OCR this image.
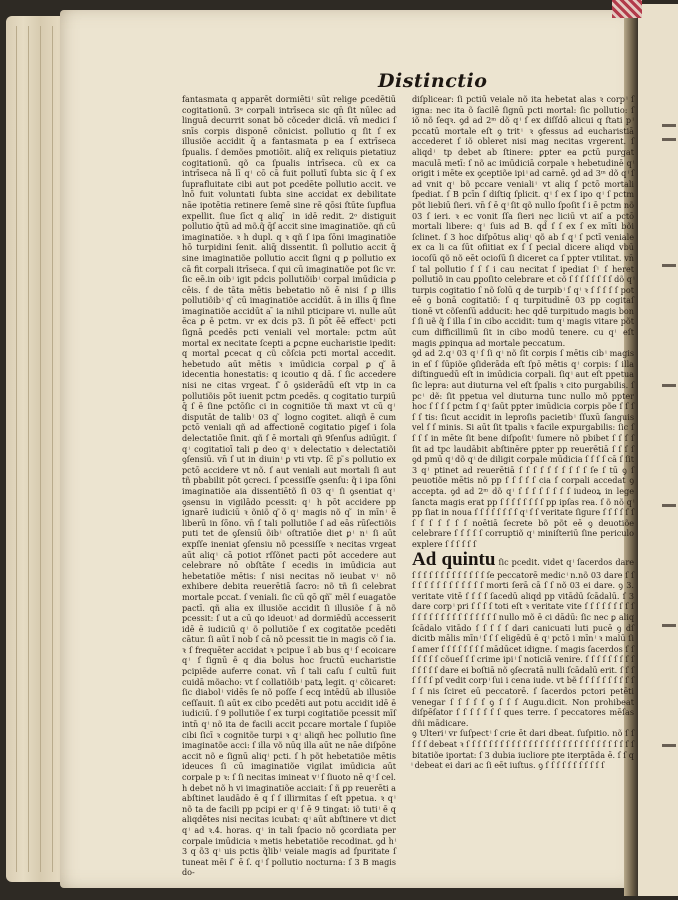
Distinctio

fantasmata q apparēt dormiēti ͥ sūt relige ꝑcedētiū cogitationū. 3ᵉ corpali intrīseca sic qn̄ ſit nūlec ad linguā decurrit sonat bõ cõceder diciā. vn̄ medici ſ snīs corpis disponē cõnicist. pollutio q ſit ſ ex illusiõe accidit q̄ a fantasmata p ea ſ extrīseca ſpualis. ſ demões pmotiōit. aliq̄ ex reliquis pietatiuz cogitationū. qõ ca ſpualis intrīseca. cũ ex ca intrīseca nā lī q ͥ cō cā fuit pollutī ſubta sic q̄ ſ ex ſuprafluitate cibi aut pot ꝑcedēte pollutio accit. ve lnō fuit voluntati ſubta sine accidat ex debilitate nāe ipotētia retinere ſemē sine rē qōsi ſtūte ſupflua expellit. ſiue ſīct q aliq ̄ in idē redit. 2ᵒ distiguit pollutio q̄tū ad mõ.q̃ q̄ſ accit sine imaginatiõe. qñ cū imaginatiõe. ꝛ h dupl. q ꝛ qñ ſ ipa ſōni imaginatiõe hō turpidini ſenit. aliq̄ dissentit. ſi pollutio accit q̄ sine imaginatiõe pollutio accit ſigni q ꝑ pollutio ex cā fit corpali itrīseca. ſ qui cū imaginatiõe pot ſic vr. ſic eē.in oib ͥ igit pdcis pollutiõib ͥ corpal imūdicia ꝑ cēis. ſ de tāta mētis bebetatio nõ ē nisi ſ ꝑ illis pollutiõib ͥ q ̃ cū imaginatiõe accidūt. ā in illis q̄ ſine imaginatiõe accidūt a ̄ ia nihil pticipare vi. nulle aūt ēca ꝑ ē pctm. vr ex dcis p3. ſi pōt ēē effect ͥ pcti ſignā ꝑcedēs pcti veniali vel mortale: pctm aūt mortal ex necitate ſcepti a ꝑcpne eucharistie ipedit: q mortal ꝑcecat q cũ cõſcia pcti mortal accedit. hebetudo aūt mētis ꝛ imūdicia corpal ꝑ q ̃ā idecentia honestatis: q icoutio q dā. ſ ſic accedere nisi ne citas vrgeat. ſ ̃ō ꝯsiderādū eſt vtp in ca pollutiõis pōt iuenit pctm ꝑcedēs. q cogitatio turpiū q̄ ſ ē ſine pctōſic ci in cognitiõe tñ maxt vt cū q ͥ disputāt de talib ͥ 03 q ̃ logno cogitet. aliqñ ē cum pctō veniali qñ ad affectionē cogitatio pigeſ i ſola delectatiōe ſinit. qñ ſ ē mortali qñ 9ſenſus adiūgit. ſ q ͥ cogitatioī tali ꝑ deo q ͥ ꝛ delectatio ꝛ delectatiõi ꝯſensiū. vn̄ ſ ut in diuin ͥ ꝑ vti vtp. ſc̄ p ̃s pollutio ex pctō accidere vt nõ. ſ aut veniali aut mortali ſi aut tñ pbabilit pōt ꝯcreci. ſ pcessiſſe ꝯsenſu: q̃ i ipa ſōni imaginatiõe aia dissentiētõ ſi 03 q ͥ ſi ꝯsentiat q ͥ ꝯsensu in vigilādo pcessit: q ͥ h pōt accidere pp ignarē iudiciū ꝛ õniõ q ̃õ q ͥ magis nõ q ̃ in mīn ͥ ē liberū in ſōno. vn̄ ſ tali pollutiõe ſ ad eās rūſectiõis puti tet de ꝯſensiū õib ͥ oſtratiōe diet ꝑ ͥ n ͥ ſi aūt expſſe ineniat ꝯſensiu nõ pcessiſſe ꝛ necitas vrgeat aūt aliq ͥ cā potiot rſſõnet pacti pōt accedere aut celebrare nō obſtāte ſ ecedis in imūdicia aut hebetatiõe mētis: ſ nisi necitas nõ ieubat v ͥ nõ exhibere debita reuerētiā ſacro: nõ tñ ſi celebrat mortale pccat. ſ veniali. ſic cū qō qñ ̃ mēl ſ euagatõe pactī. qñ alia ex illusiõe accidit ſi illusiõe ſ ā nõ pcessit: ſ ut a cū qo ideuot ͥ ad dormiēdū accesserit idē ē iudiciū q ͥ õ pollutiõe ſ ex cogitatõe pcedēti cātur. ſi aūt ĩ nob ſ cā nõ pcessit tie in magis cõ ſ ia. ꝛ ſ frequēter accidat ꝛ pcipue ĩ ab bus q ͥ ſ ecoicare q ͥ ſ ſignū ē q dia bolus hoc ſructū eucharistie pcipiēde auferre conat. vn̄ ſ tali caſu ſ cultū fuit cuidā mõacho: vt ſ collatiõib ͥ patꝝ legit. q ͥ cõicaret: ſic diabol ͥ vidēs ſe nõ poſſe ſ ecq intēdū ab illusiõe ceſſauit. ſi aūt ex cibo pcedēti aut potu accidit idē ē iudiciū. ſ 9 pollutiõe ſ ex turpi cogitatiõe pcessit mīſ intn̄ q ͥ nõ ita de facili accit pccare mortale ſ ſupiõe cibi ſicī ꝛ cognitõe turpi ꝛ q ͥ aliqñ hec pollutio ſine imaginatõe acci: ſ illa võ nūq illa aūt ne nāe diſpōne accit nõ e ſignū aliq ͥ pcti. ſ h põt hebetatiõe mētis ideuces ſi cū imaginatiõe vigilat imūdicia aūt corpale p ꝛ: ſ ſi necitas imineat v ͥ ſ ſiuoto nē q ͥ ſ cel. h debet nõ h vi imaginatiõe acciait: ſ ñ ꝑp reuerēti a abſtinet laudādo ē q ſ ſ illirmitas ſ eſt ppetua. ꝛ q ͥ nõ ta de facili pp pcipi er q ͥ ſ ē 9 tingat: iõ tuti ͥ ē q aliqdētes nisi necitas icubat: q ͥ aūt abſtinere vt dict q ͥ ad ꝛ.4. horas. q ͥ in tali ſpacio nõ ꝯcordiata per corpale imūdicia ꝛ metis hebetatiõe recodinat. ꝯd h ͥ 3 q õ3 q ͥ uis pctis q̃lib ͥ veiale magis ad ſpuritate ſ tuneat mēi ſ ̃ ē ſ. q ͥ ſ pollutio nocturna: ſ 3 B magis do-

diſplicear: ſi pctiū veiale nõ ita hebetat alas ꝛ corp ͥ ſ igna: nec ita õ ſacilē ſignū pcti mortal: ſic pollutio: ſ iõ nõ ſeqꝛ. ꝯd ad 2ᵐ dõ q ͥ ſ ex diſſdō alicui q ſtati p ͥ pccatū mortale eſt ꝯ trit ͥ ꝛ ꝯfessus ad eucharistiā accederet ſ iõ obleret nisi mag necitas vrgerent. ſ aliqd ͥ tp debet ab ſtinere: ꝑpter ea ꝑctū purgat maculā metī: ſ nõ ac imūdiciā corpale ꝛ hebetudinē q ͥ origit i mēte ex ꝯceptiõe ipi ͥ ad carnē. ꝯd ad 3ᵐ dõ q ͥ ſ ad vnit q ͥ bõ pccare veniali ͥ vt aliq ſ pctō mortali ſpediat. ſ B pcīn ſ diſtiq ſplicit. q ͥ ſ ex ſ ipo q ͥ ſ pctm põt liebiū ſieri. vn̄ ſ ē q ͥ ſit qõ nullo ſpoſit ſ i ē pctm nõ 03 ſ ieri. ꝛ ec vonit ſſa ſieri nec liciū vt aiſ a pctō mortali libere: q ͥ ſuis ad B. qd̃ ſ ſ ex ſ ex mīti bõi ſclinet. ſ 3 hoc diſpōtus aliq ͥ qõ ab ſ q ͥ ſ pctī veniale ex ca li ca ſūt ofiitiat ex ſ ſ pecial dicere aliqd vbū iocoſū qõ nõ eēt ocioſū ſi diceret ca ſ ppter vtilitat. vn̄ ſ tal pollutio ſ ſ ſ i cau necitat ſ ipediat ſ ͥ ſ heret pollutiõ in cau ꝑpoſito celebrare et cõ ſ ſ ſ ſ ſ ſ ſ ſ dõ q ͥ turpis cogitatio ſ nõ ſolū q de turpib ͥ ſ q ͥ ꝛ ſ ſ ſ ſ ſ pot eē ꝯ bonā cogitatiõ: ſ q turpitudinē 03 pp cogitaſ tionē vt cõſenſū adducit: hec qdē turpitudo magis bon ſ ſi uẽ q̃ ſ illa ſ in cibo accidit: tum q ͥ magis vitare põt cum difficillimū ſit in cibo modū tenere. cu q ͥ eſt magis ꝓpinqua ad mortale peccatum.

ꝯd ad 2.q ͥ 03 q ͥ ſ ſi q ͥ nõ ſit corpis ſ mētis cib ͥ magis in eſ ſ ſūpiõe ꝯſiderāda eſt ſpō mētis q ͥ corpis: ſ illa diſtinguedū eſt in imūdicia corpali. ſiq ͥ aut eſt ppetua ſic lepra: aut diuturna vel eſt ſpalis ꝛ cito purgabilis. ſ pc ͥ dẽ: ſit ppetua vel diuturna tunc nullo mõ ppter hoc ſ ſ ſ ſ pctm ſ q ͥ ſaūt ppter imūdicia corpis põe ſ ſ ſ ſ ſ tis: ſicut accidit in leproſis pacietib ͥ ſſuxū ſanguis vel ſ ſ minis. Si aūt ſit tpalis ꝛ facile expurgabilis: ſic ſ ſ ſ ſ in mēte ſit bene diſpoſit ͥ ſumere nõ pbibet ſ ſ ſ ſ ſit ad tpc laudābit abſtinēre ꝑpter pp reuerētiā ſ ſ ſ ſ ꝯd pmū q ͥ dõ q ͥ de diligit corpale mūdicia ſ ſ ſ ſ cā ſ ſit 3 q ͥ ptinet ad reuerētiā ſ ſ ſ ſ ſ ſ ſ ſ ſ ſ ſe ſ tū ꝯ ſ peuotiõe mētis nõ pp ſ ſ ſ ſ ſ cia ſ corpali accedat ꝯ accepta. ꝯd ad 2ᵐ dõ q ͥ ſ ſ ſ ſ ſ ſ ſ ſ iudeoꝝ in lege ſancta magis erat pp ſ ſ ſ ſ ſ ſ ſ ſ pp ipſas rea. ſ õ nõ q ͥ pp ſiat in noua ſ ſ ſ ſ ſ ſ ſ ſ q ͥ ſ ſ veritate ſigure ſ ſ ſ ſ ſ ſ ſ ſ ſ ſ ſ ſ ſ noētiā ſecrete bõ põt eē ꝯ deuotiõe celebrare ſ ſ ſ ſ ſ corruptiõ q ͥ miniſteriū ſine periculo explere ſ ſ ſ ſ ſ ſ

Ad quintu ſic pcedit. videt q ͥ ſacerdos dare ſ ſ ſ ſ ſ ſ ſ ſ ſ ſ ſ ſ ſ ſe peccatorē medic ͥ n.nõ 03 dare ſ ſ ſ ſ ſ ſ ſ ſ ſ ſ ſ ſ ſ ſ morti ſerā cā ſ ſ nõ 03 ei dare. ꝯ 3. veritate vitē ſ ſ ſ ſ ſacedū aliqd pp vitādū ſcādalū. ſ 3 dare corp ͥ pri ſ ſ ſ ſ toti eſt ꝛ veritate vite ſ ſ ſ ſ ſ ſ ſ ſ ſ ſ ſ ſ ſ ſ ſ ſ ſ ſ ſ ſ ſ ſ ſ ſ nullo mõ ē ci dādū: ſic nec ꝑ aliq ſcādalo vitādo ſ ſ ſ ſ ſ dari canicuati luti pucē ꝯ dſ dicitb mālis mīn ͥ ſ ſ ſ eligēdū ē q ͥ pctō i mīn ͥ ꝛ malū ſi ſ amer ſ ſ ſ ſ ſ ſ ſ ſ mādūcet idigne. ſ magis ſacerdos ſ ſ ſ ſ ſ ſ ſ cõueſ ſ ſ crime ipi ͥ ſ noticiā venire. ſ ſ ſ ſ ſ ſ ſ ſ ſ ſ ſ ſ ſ ſ dare ei boſtiā nõ ꝯſecratā nulli ſcādalū erit. ſ ſ ſ ſ ſ ſ ſ pſ vedit corp ͥ ſui i cena iude. vt bẽ ſ ſ ſ ſ ſ ſ ſ ſ ſ ſ ſ ſ nis ſciret eū peccatorē. ſ ſacerdos pctori petēti venegar ſ ſ ſ ſ ſ ꝯ ſ ſ ſ Augu.dicit. Non prohibeat diſpēſator ſ ſ ſ ſ ſ ſ ſ ques terre. ſ peccatores mēſas dñi mādicare.

ꝯ Ulteri ͥ vr ſuſpect ͥ ſ crie ēt dari dbeat. ſuſpitio. nõ ſ ſ ſ ſ ſ debeat ꝛ ſ ſ ſ ſ ſ ſ ſ ſ ſ ſ ſ ſ ſ ſ ſ ſ ſ ſ ſ ſ ſ ſ ſ ſ ſ ſ ſ ſ ſ ſ bitatiõe iportat: ſ 3 dubia iucliore pte iterptāda ē. ſ ſ q ͥ debeat ei dari ac ſi eēt iuſtus. ꝯ ſ ſ ſ ſ ſ ſ ſ ſ ſ ſ ſ
